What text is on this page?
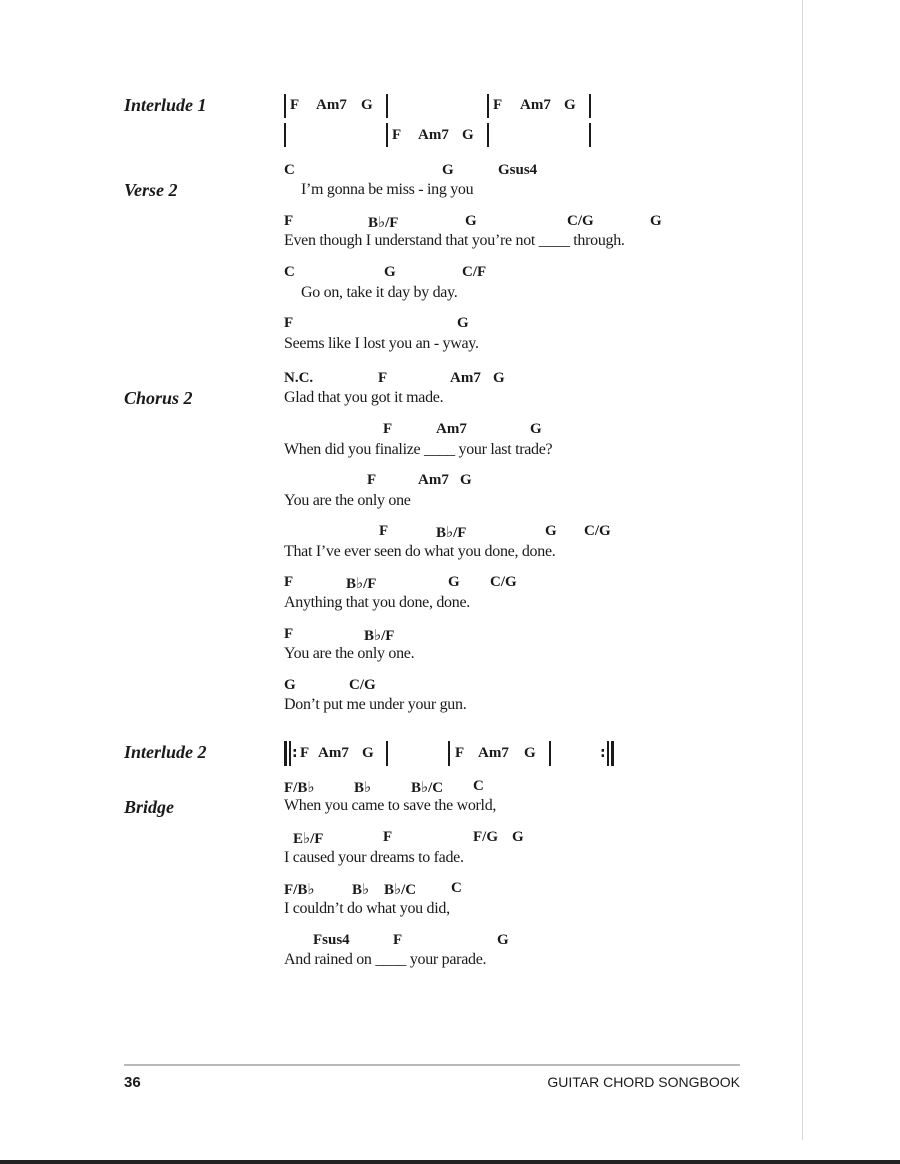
Interlude 1	F Am7 G	F Am7 G
F Am7 G
Verse 2
C	G	Gsus4
I’m gonna be miss - ing you
F	B♭/F	G	C/G	G
Even though I understand that you’re not ____ through.
C	G	C/F
Go on, take it day by day.
F	G
Seems like I lost you an - yway.
Chorus 2
N.C.	F	Am7 G
Glad that you got it made.
F	Am7	G
When did you finalize ____ your last trade?
F	Am7 G
You are the only one
F	B♭/F	G C/G
That I’ve ever seen do what you done, done.
F	B♭/F	G C/G
Anything that you done, done.
F	B♭/F
You are the only one.
G	C/G
Don’t put me under your gun.
Interlude 2	: F Am7 G	F Am7 G	:
Bridge
F/B♭	B♭	B♭/C C
When you came to save the world,
E♭/F	F	F/G G
I caused your dreams to fade.
F/B♭	B♭ B♭/C C
I couldn’t do what you did,
Fsus4	F	G
And rained on ____ your parade.
36	GUITAR CHORD SONGBOOK
